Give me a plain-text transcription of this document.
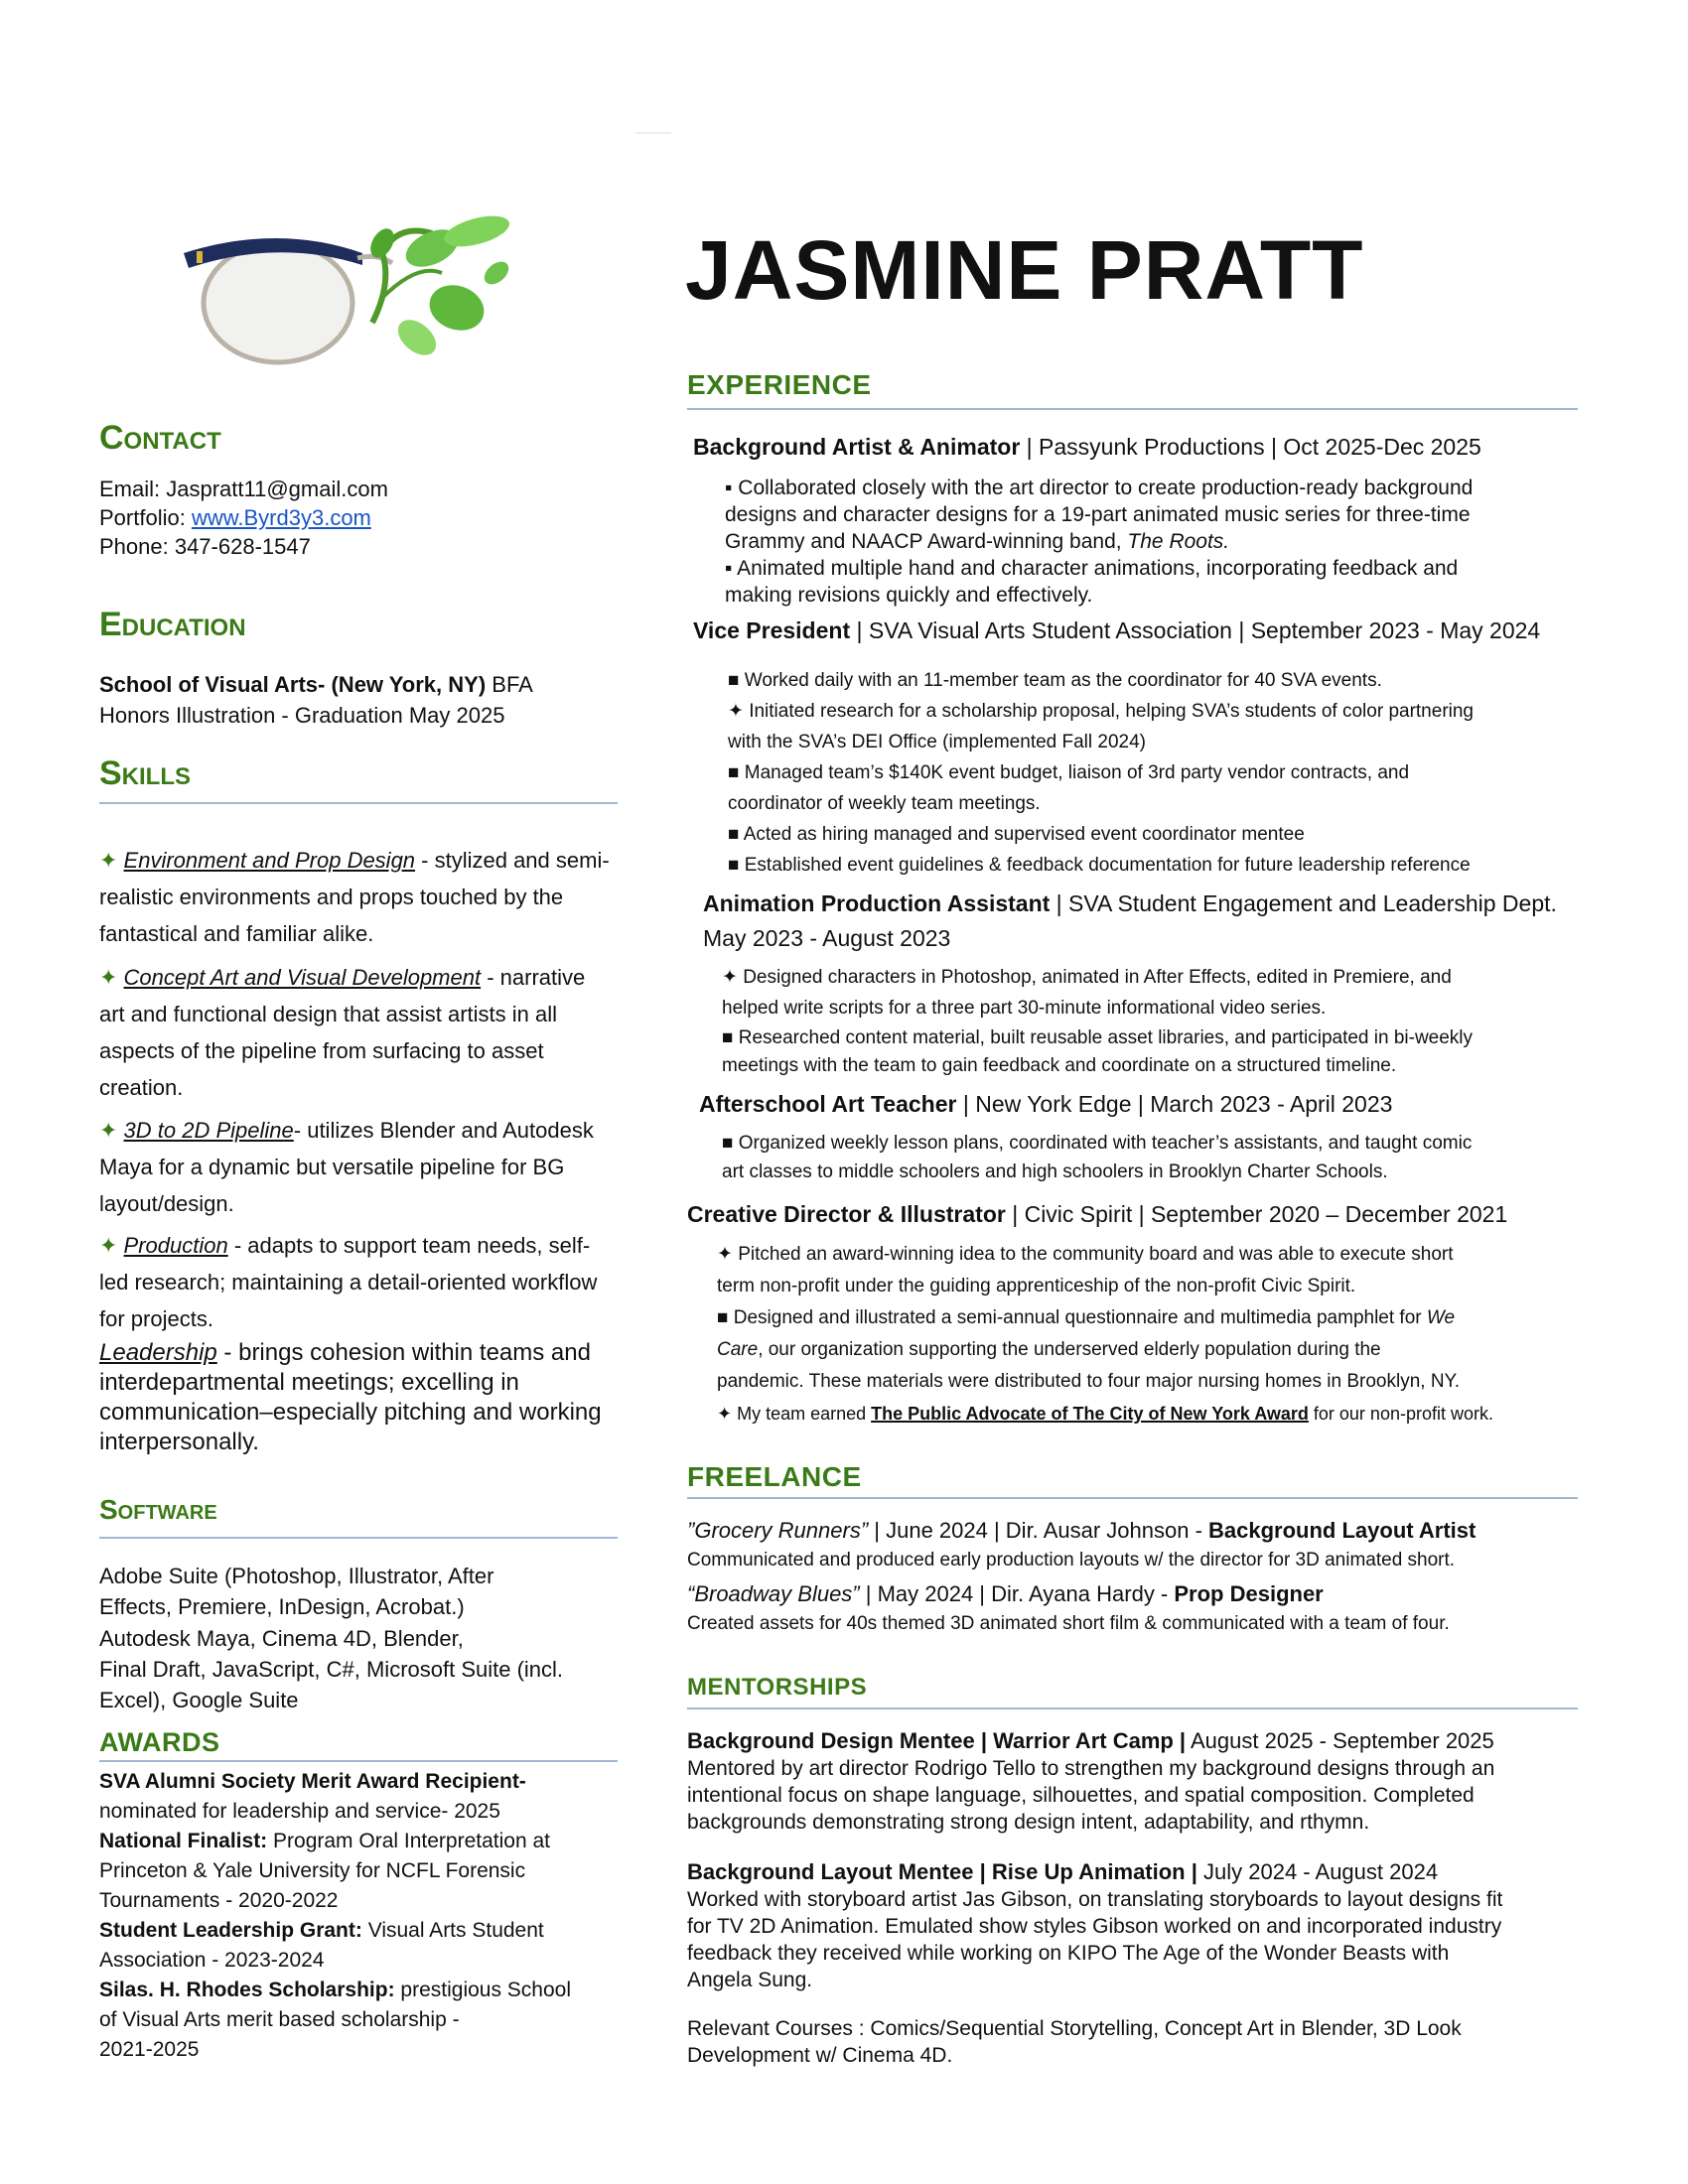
JASMINE PRATT
Contact
Email: Jaspratt11@gmail.com
Portfolio: www.Byrd3y3.com
Phone: 347-628-1547
Education
School of Visual Arts- (New York, NY) BFA
Honors Illustration - Graduation May 2025
Skills
✦ Environment and Prop Design - stylized and semi-realistic environments and props touched by the fantastical and familiar alike.
✦ Concept Art and Visual Development - narrative art and functional design that assist artists in all aspects of the pipeline from surfacing to asset creation.
✦ 3D to 2D Pipeline- utilizes Blender and Autodesk Maya for a dynamic but versatile pipeline for BG layout/design.
✦ Production - adapts to support team needs, self-led research; maintaining a detail-oriented workflow for projects.
Leadership - brings cohesion within teams and interdepartmental meetings; excelling in communication–especially pitching and working interpersonally.
Software
Adobe Suite (Photoshop, Illustrator, After
Effects, Premiere, InDesign, Acrobat.)
Autodesk Maya, Cinema 4D, Blender,
Final Draft, JavaScript, C#, Microsoft Suite (incl.
Excel), Google Suite
AWARDS
SVA Alumni Society Merit Award Recipient-
nominated for leadership and service- 2025
National Finalist: Program Oral Interpretation at
Princeton & Yale University for NCFL Forensic
Tournaments - 2020-2022
Student Leadership Grant: Visual Arts Student
Association - 2023-2024
Silas. H. Rhodes Scholarship: prestigious School
of Visual Arts merit based scholarship -
2021-2025
EXPERIENCE
Background Artist & Animator | Passyunk Productions | Oct 2025-Dec 2025
▪ Collaborated closely with the art director to create production-ready background
designs and character designs for a 19-part animated music series for three-time
Grammy and NAACP Award-winning band, The Roots.
▪ Animated multiple hand and character animations, incorporating feedback and
making revisions quickly and effectively.
Vice President | SVA Visual Arts Student Association | September 2023 - May 2024
■ Worked daily with an 11-member team as the coordinator for 40 SVA events.
✦ Initiated research for a scholarship proposal, helping SVA’s students of color partnering
with the SVA’s DEI Office (implemented Fall 2024)
■ Managed team’s $140K event budget, liaison of 3rd party vendor contracts, and
coordinator of weekly team meetings.
■ Acted as hiring managed and supervised event coordinator mentee
■ Established event guidelines & feedback documentation for future leadership reference
Animation Production Assistant | SVA Student Engagement and Leadership Dept.
May 2023 - August 2023
✦ Designed characters in Photoshop, animated in After Effects, edited in Premiere, and
helped write scripts for a three part 30-minute informational video series.
■ Researched content material, built reusable asset libraries, and participated in bi-weekly
meetings with the team to gain feedback and coordinate on a structured timeline.
Afterschool Art Teacher | New York Edge | March 2023 - April 2023
■ Organized weekly lesson plans, coordinated with teacher’s assistants, and taught comic
art classes to middle schoolers and high schoolers in Brooklyn Charter Schools.
Creative Director & Illustrator | Civic Spirit | September 2020 – December 2021
✦ Pitched an award-winning idea to the community board and was able to execute short
term non-profit under the guiding apprenticeship of the non-profit Civic Spirit.
■ Designed and illustrated a semi-annual questionnaire and multimedia pamphlet for We
Care, our organization supporting the underserved elderly population during the
pandemic. These materials were distributed to four major nursing homes in Brooklyn, NY.
✦ My team earned The Public Advocate of The City of New York Award for our non-profit work.
FREELANCE
”Grocery Runners” | June 2024 | Dir. Ausar Johnson - Background Layout Artist
Communicated and produced early production layouts w/ the director for 3D animated short.
“Broadway Blues” | May 2024 | Dir. Ayana Hardy - Prop Designer
Created assets for 40s themed 3D animated short film & communicated with a team of four.
MENTORSHIPS
Background Design Mentee | Warrior Art Camp | August 2025 - September 2025
Mentored by art director Rodrigo Tello to strengthen my background designs through an
intentional focus on shape language, silhouettes, and spatial composition. Completed
backgrounds demonstrating strong design intent, adaptability, and rthymn.
Background Layout Mentee | Rise Up Animation | July 2024 - August 2024
Worked with storyboard artist Jas Gibson, on translating storyboards to layout designs fit
for TV 2D Animation. Emulated show styles Gibson worked on and incorporated industry
feedback they received while working on KIPO The Age of the Wonder Beasts with
Angela Sung.
Relevant Courses : Comics/Sequential Storytelling, Concept Art in Blender, 3D Look
Development w/ Cinema 4D.
